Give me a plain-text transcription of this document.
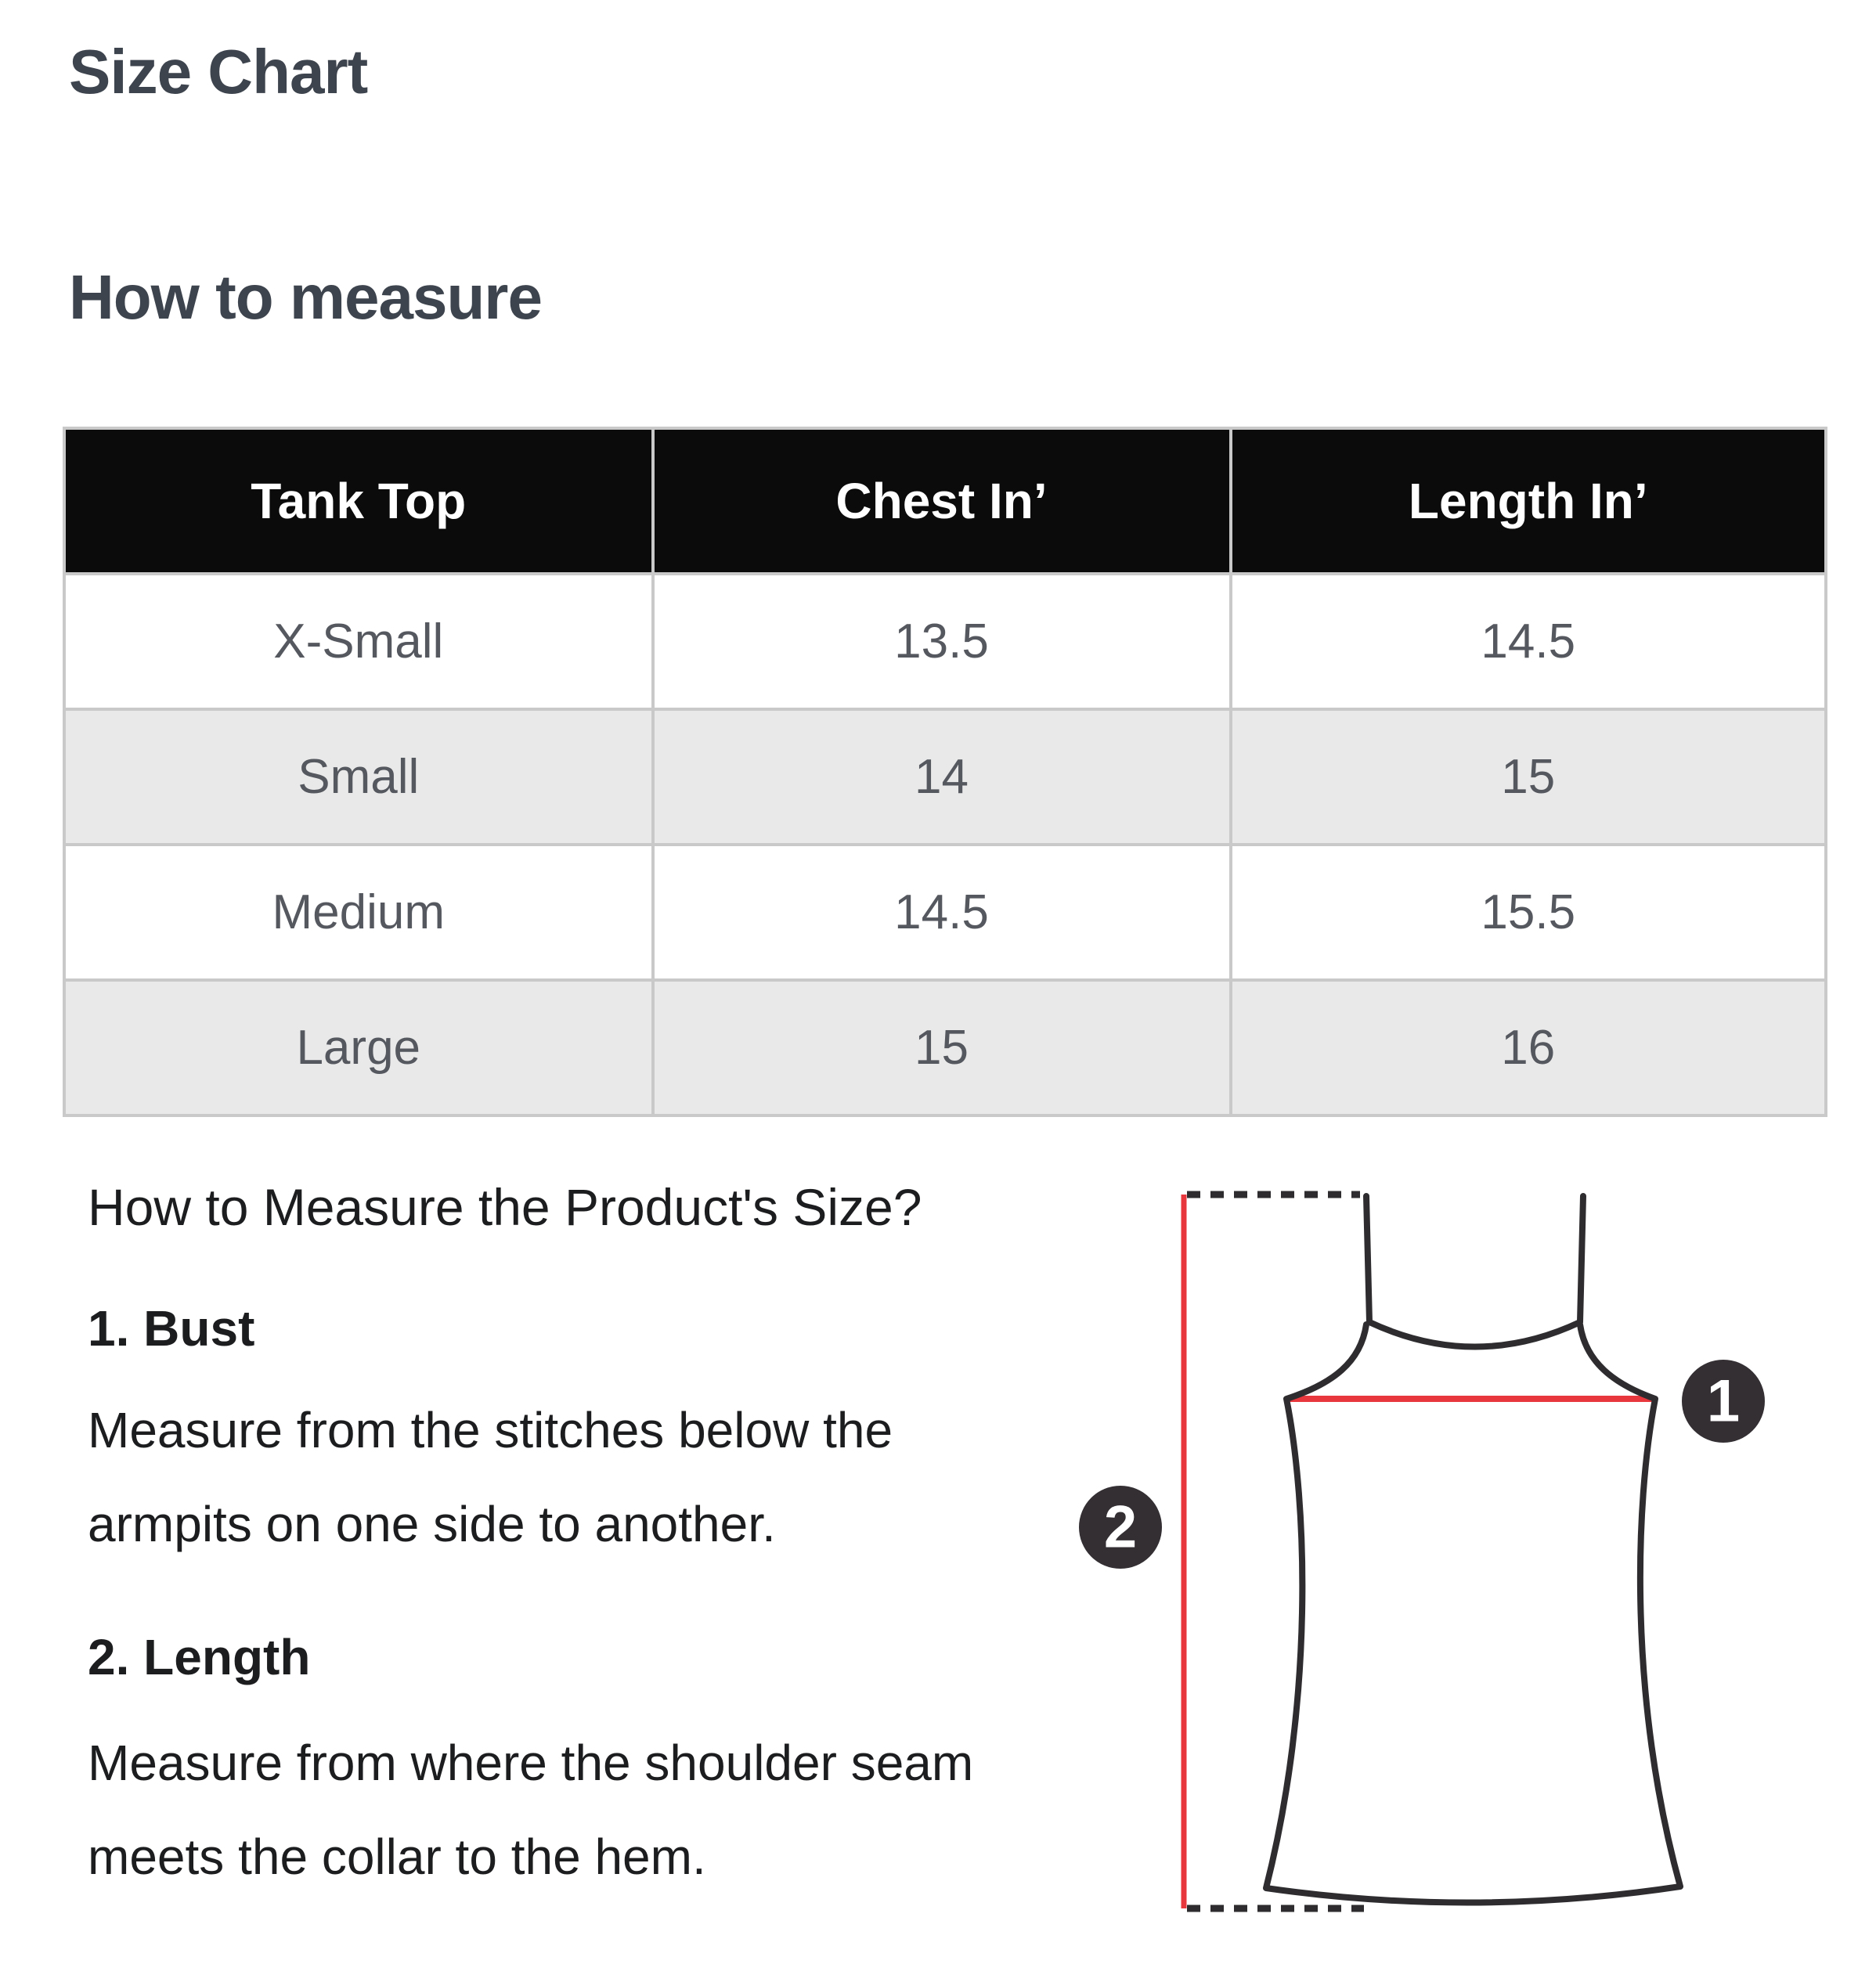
Size Chart
How to measure
Tank Top	Chest In’	Length In’
X-Small	13.5	14.5
Small	14	15
Medium	14.5	15.5
Large	15	16

How to Measure the Product's Size?

1. Bust

Measure from the stitches below the

armpits on one side to another.

2. Length

Measure from where the shoulder seam

meets the collar to the hem.

1
2
